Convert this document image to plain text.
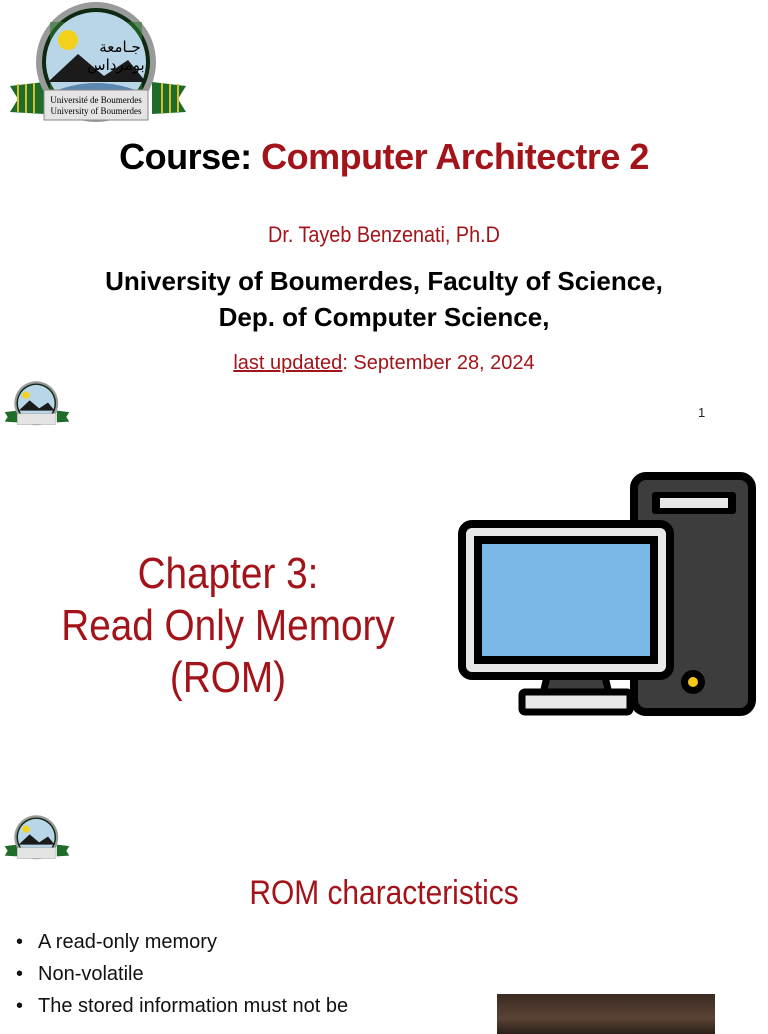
جـامعة
بومرداس
Université de Boumerdes
University of Boumerdes
Course: Computer Architectre 2
Dr. Tayeb Benzenati, Ph.D
University of Boumerdes, Faculty of Science,
Dep. of Computer Science,
last updated: September 28, 2024
1
Chapter 3:
Read Only Memory
(ROM)
ROM characteristics
• A read-only memory
• Non-volatile
• The stored information must not be
